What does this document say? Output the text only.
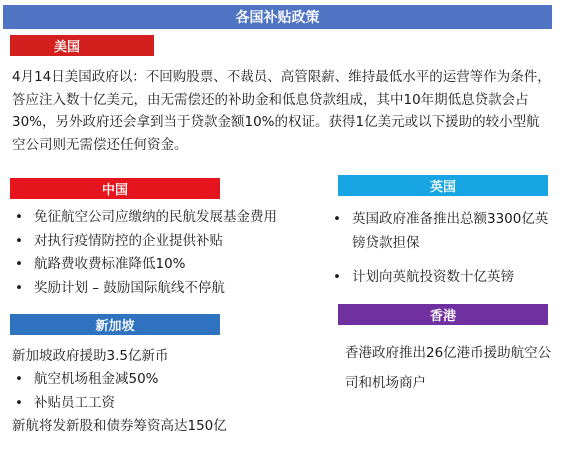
各国补贴政策
美国

4月14日美国政府以：不回购股票、不裁员、高管限薪、维持最低水平的运营等作为条件，答应注入数十亿美元，由无需偿还的补助金和低息贷款组成，其中10年期低息贷款会占30%，另外政府还会拿到当于贷款金额10%的权证。获得1亿美元或以下援助的较小型航空公司则无需偿还任何资金。

中国
• 免征航空公司应缴纳的民航发展基金费用
• 对执行疫情防控的企业提供补贴
• 航路费收费标准降低10%
• 奖励计划 – 鼓励国际航线不停航
英国
• 英国政府准备推出总额3300亿英镑贷款担保
• 计划向英航投资数十亿英镑
新加坡

新加坡政府援助3.5亿新币

• 航空机场租金减50%
• 补贴员工工资

新航将发新股和债券筹资高达150亿

香港

香港政府推出26亿港币援助航空公司和机场商户
